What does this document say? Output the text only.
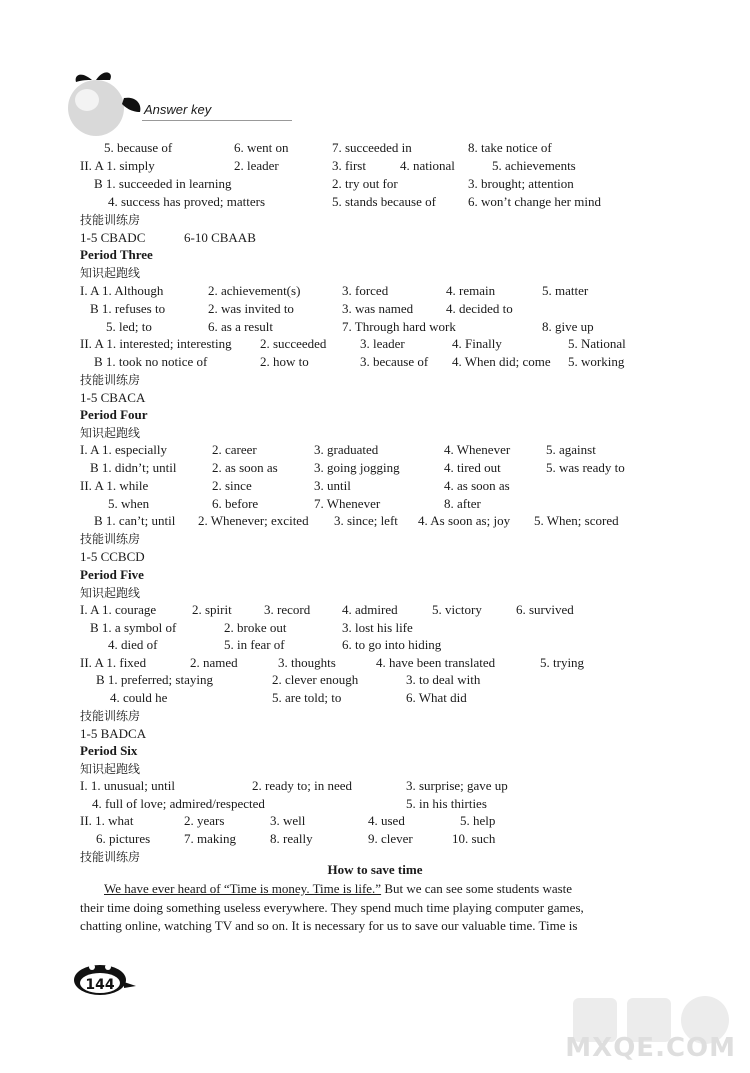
Answer key
5. because of	6. went on	7. succeeded in	8. take notice of
II. A 1. simply	2. leader	3. first	4. national	5. achievements
B 1. succeeded in learning	2. try out for	3. brought; attention
4. success has proved; matters	5. stands because of 6. won’t change her mind
技能训练房
1-5 CBADC	6-10 CBAAB
Period Three
知识起跑线
I. A 1. Although	2. achievement(s)	3. forced	4. remain	5. matter
B 1. refuses to	2. was invited to	3. was named	4. decided to
5. led; to	6. as a result	7. Through hard work	8. give up
II. A 1. interested; interesting 2. succeeded	3. leader	4. Finally	5. National
B 1. took no notice of	2. how to	3. because of 4. When did; come 5. working
技能训练房
1-5 CBACA
Period Four
知识起跑线
I. A 1. especially	2. career	3. graduated	4. Whenever	5. against
B 1. didn’t; until	2. as soon as	3. going jogging	4. tired out	5. was ready to
II. A 1. while	2. since	3. until	4. as soon as
5. when	6. before	7. Whenever	8. after
B 1. can’t; until 2. Whenever; excited 3. since; left 4. As soon as; joy 5. When; scored
技能训练房
1-5 CCBCD
Period Five
知识起跑线
I. A 1. courage	2. spirit 3. record 4. admired	5. victory	6. survived
B 1. a symbol of	2. broke out	3. lost his life
4. died of	5. in fear of	6. to go into hiding
II. A 1. fixed	2. named	3. thoughts	4. have been translated	5. trying
B 1. preferred; staying	2. clever enough	3. to deal with
4. could he	5. are told; to	6. What did
技能训练房
1-5 BADCA
Period Six
知识起跑线
I. 1. unusual; until	2. ready to; in need	3. surprise; gave up
4. full of love; admired/respected	5. in his thirties
II. 1. what	2. years	3. well	4. used	5. help
6. pictures	7. making	8. really	9. clever	10. such
技能训练房
How to save time
We have ever heard of “Time is money. Time is life.” But we can see some students waste
their time doing something useless everywhere. They spend much time playing computer games,
chatting online, watching TV and so on. It is necessary for us to save our valuable time. Time is
144
MXQE.COM
